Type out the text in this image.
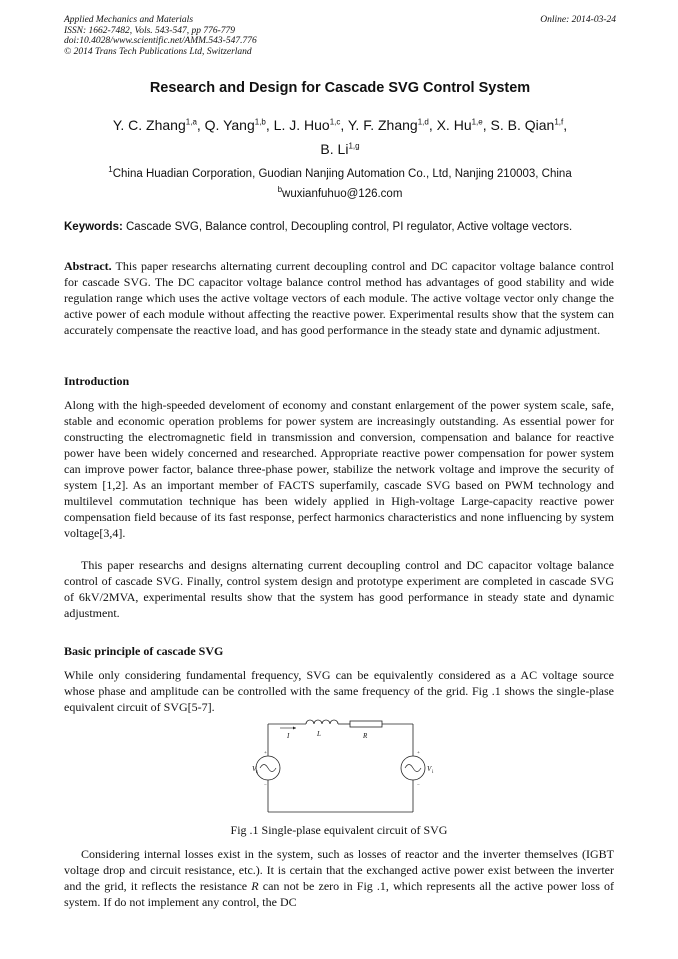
Applied Mechanics and Materials
ISSN: 1662-7482, Vols. 543-547, pp 776-779
doi:10.4028/www.scientific.net/AMM.543-547.776
© 2014 Trans Tech Publications Ltd, Switzerland
Online: 2014-03-24
Research and Design for Cascade SVG Control System
Y. C. Zhang$^{1,a}$, Q. Yang$^{1,b}$, L. J. Huo$^{1,c}$, Y. F. Zhang$^{1,d}$, X. Hu$^{1,e}$, S. B. Qian$^{1,f}$,
B. Li$^{1,g}$
$^1$China Huadian Corporation, Guodian Nanjing Automation Co., Ltd, Nanjing 210003, China
$^b$wuxianfuhuo@126.com
Keywords: Cascade SVG, Balance control, Decoupling control, PI regulator, Active voltage vectors.
Abstract. This paper researchs alternating current decoupling control and DC capacitor voltage balance control for cascade SVG. The DC capacitor voltage balance control method has advantages of good stability and wide regulation range which uses the active voltage vectors of each module. The active voltage vector only change the active power of each module without affecting the reactive power. Experimental results show that the system can accurately compensate the reactive load, and has good performance in the steady state and dynamic adjustment.
Introduction
Along with the high-speeded develoment of economy and constant enlargement of the power system scale, safe, stable and economic operation problems for power system are increasingly outstanding. As essential power for constructing the electromagnetic field in transmission and conversion, compensation and balance for reactive power have been widely concerned and researched. Appropriate reactive power compensation for power system can improve power factor, balance three-phase power, stabilize the network voltage and improve the security of system [1,2]. As an important member of FACTS superfamily, cascade SVG based on PWM technology and multilevel commutation technique has been widely applied in High-voltage Large-capacity reactive power compensation field because of its fast response, perfect harmonics characteristics and none influencing by system voltage[3,4].
This paper researchs and designs alternating current decoupling control and DC capacitor voltage balance control of cascade SVG. Finally, control system design and prototype experiment are completed in cascade SVG of 6kV/2MVA, experimental results show that the system has good performance in steady state and dynamic adjustment.
Basic principle of cascade SVG
While only considering fundamental frequency, SVG can be equivalently considered as a AC voltage source whose phase and amplitude can be controlled with the same frequency of the grid. Fig .1 shows the single-plase equivalent circuit of SVG[5-7].
I	L	R
V s	V i
+
−
+
−
Fig .1 Single-plase equivalent circuit of SVG
Considering internal losses exist in the system, such as losses of reactor and the inverter themselves (IGBT voltage drop and circuit resistance, etc.). It is certain that the exchanged active power exist between the inverter and the grid, it reflects the resistance R can not be zero in Fig .1, which represents all the active power loss of system. If do not implement any control, the DC
